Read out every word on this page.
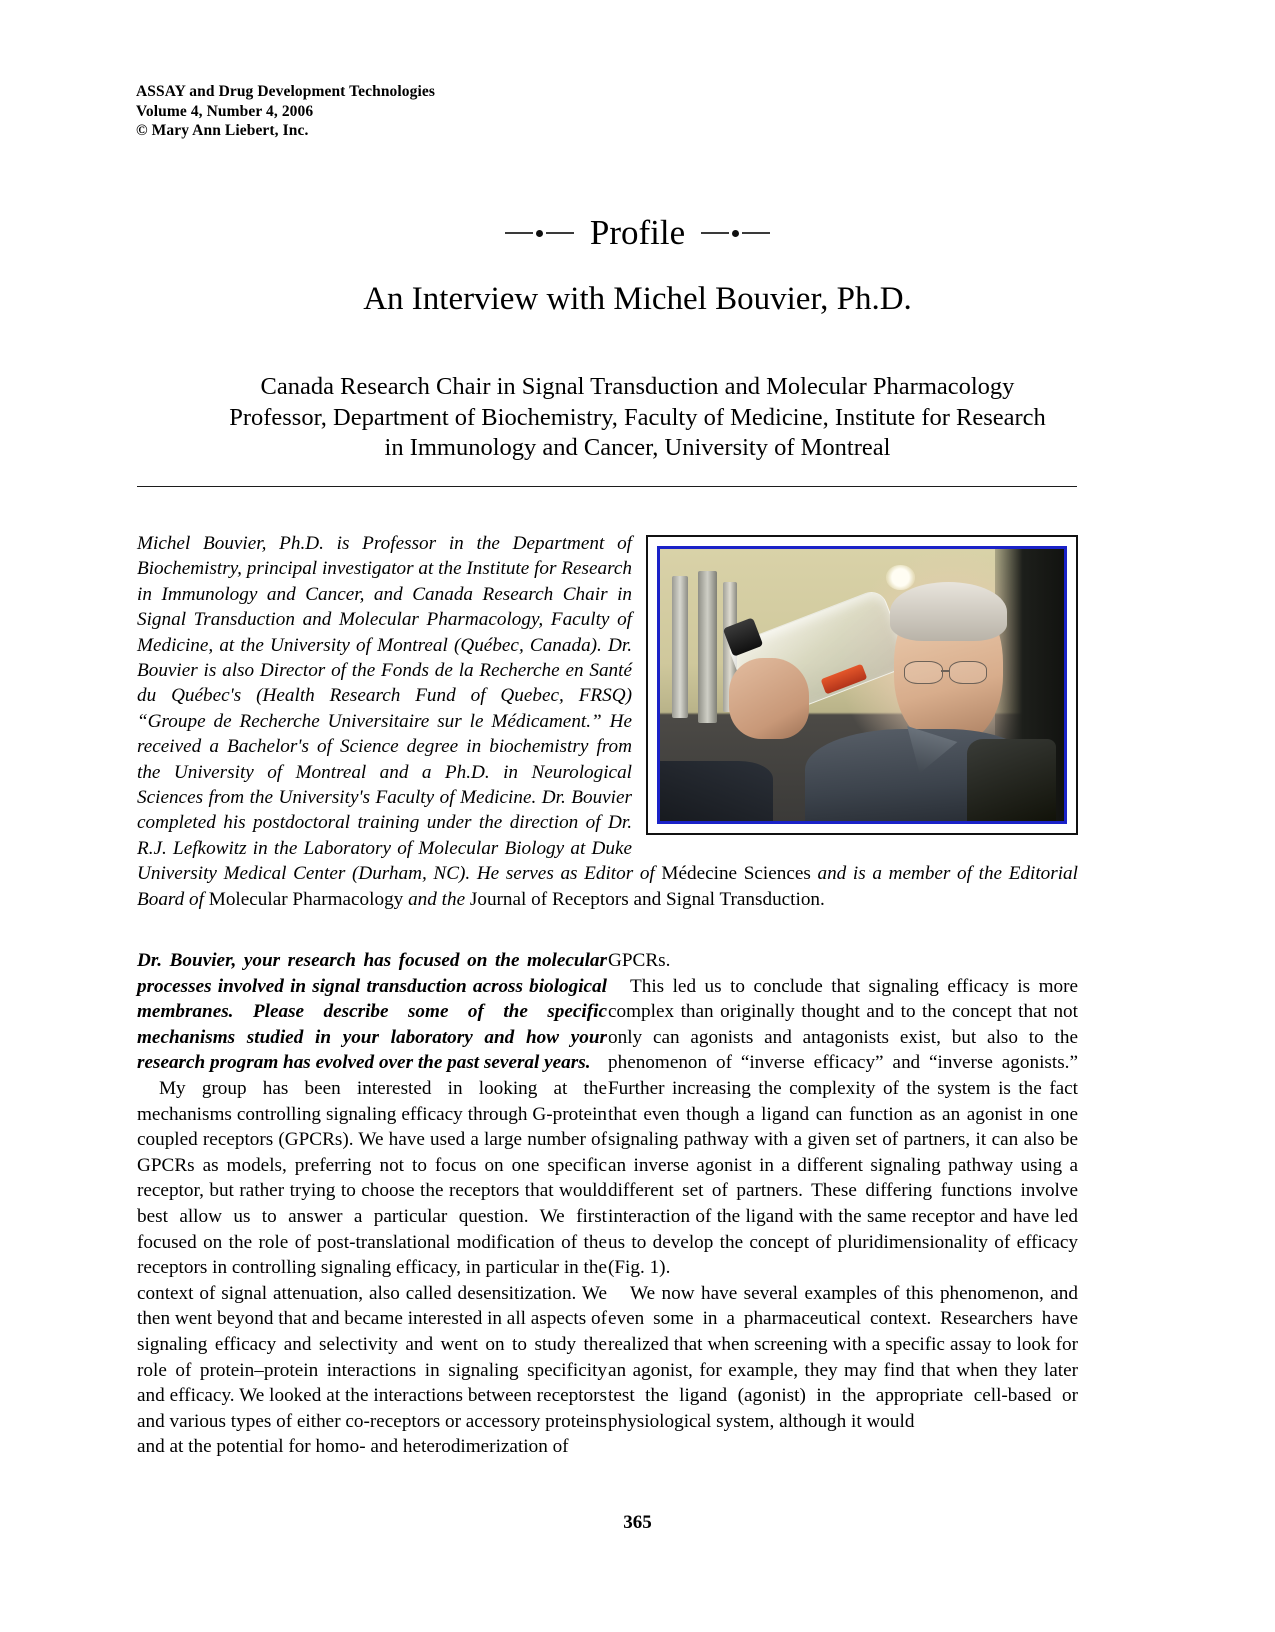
ASSAY and Drug Development Technologies
Volume 4, Number 4, 2006
© Mary Ann Liebert, Inc.
Profile
An Interview with Michel Bouvier, Ph.D.
Canada Research Chair in Signal Transduction and Molecular Pharmacology
Professor, Department of Biochemistry, Faculty of Medicine, Institute for Research
in Immunology and Cancer, University of Montreal
Michel Bouvier, Ph.D. is Professor in the Department of Biochemistry, principal investigator at the Institute for Research in Immunology and Cancer, and Canada Research Chair in Signal Transduction and Molecular Pharmacology, Faculty of Medicine, at the University of Montreal (Québec, Canada). Dr. Bouvier is also Director of the Fonds de la Recherche en Santé du Québec's (Health Research Fund of Quebec, FRSQ) “Groupe de Recherche Universitaire sur le Médicament.” He received a Bachelor's of Science degree in biochemistry from the University of Montreal and a Ph.D. in Neurological Sciences from the University's Faculty of Medicine. Dr. Bouvier completed his postdoctoral training under the direction of Dr. R.J. Lefkowitz in the Laboratory of Molecular Biology at Duke University Medical Center (Durham, NC). He serves as Editor of Médecine Sciences and is a member of the Editorial Board of Molecular Pharmacology and the Journal of Receptors and Signal Transduction.

Dr. Bouvier, your research has focused on the molecular processes involved in signal transduction across biological membranes. Please describe some of the specific mechanisms studied in your laboratory and how your research program has evolved over the past several years.

My group has been interested in looking at the mechanisms controlling signaling efficacy through G-protein coupled receptors (GPCRs). We have used a large number of GPCRs as models, preferring not to focus on one specific receptor, but rather trying to choose the receptors that would best allow us to answer a particular question. We first focused on the role of post-translational modification of the receptors in controlling signaling efficacy, in particular in the context of signal attenuation, also called desensitization. We then went beyond that and became interested in all aspects of signaling efficacy and selectivity and went on to study the role of protein–protein interactions in signaling specificity and efficacy. We looked at the interactions between receptors and various types of either co-receptors or accessory proteins and at the potential for homo- and heterodimerization of

GPCRs.

This led us to conclude that signaling efficacy is more complex than originally thought and to the concept that not only can agonists and antagonists exist, but also to the phenomenon of “inverse efficacy” and “inverse agonists.” Further increasing the complexity of the system is the fact that even though a ligand can function as an agonist in one signaling pathway with a given set of partners, it can also be an inverse agonist in a different signaling pathway using a different set of partners. These differing functions involve interaction of the ligand with the same receptor and have led us to develop the concept of pluridimensionality of efficacy (Fig. 1).

We now have several examples of this phenomenon, and even some in a pharmaceutical context. Researchers have realized that when screening with a specific assay to look for an agonist, for example, they may find that when they later test the ligand (agonist) in the appropriate cell-based or physiological system, although it would

365
